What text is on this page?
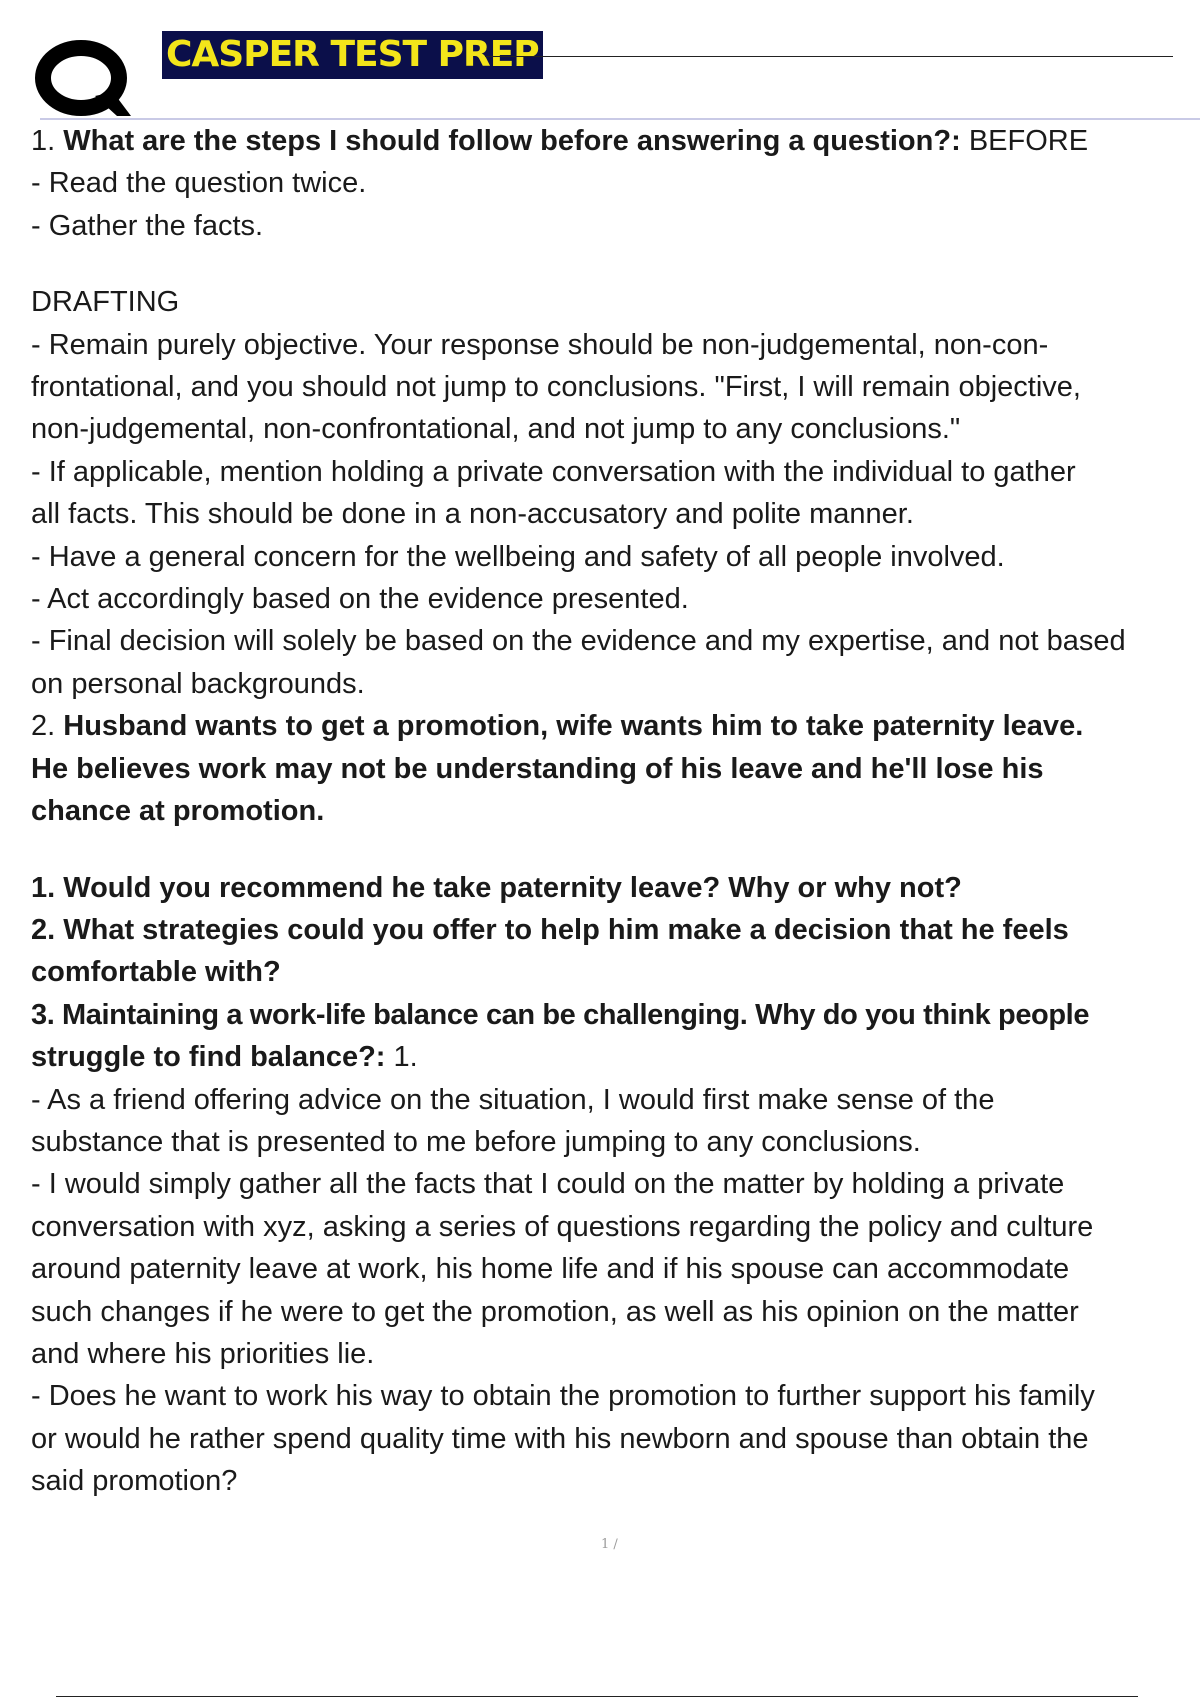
CASPER TEST PREP

1. What are the steps I should follow before answering a question?: BEFORE

- Read the question twice.

- Gather the facts.

DRAFTING

- Remain purely objective. Your response should be non-judgemental, non-con-

frontational, and you should not jump to conclusions. "First, I will remain objective,

non-judgemental, non-confrontational, and not jump to any conclusions."

- If applicable, mention holding a private conversation with the individual to gather

all facts. This should be done in a non-accusatory and polite manner.

- Have a general concern for the wellbeing and safety of all people involved.

- Act accordingly based on the evidence presented.

- Final decision will solely be based on the evidence and my expertise, and not based

on personal backgrounds.

2. Husband wants to get a promotion, wife wants him to take paternity leave.

He believes work may not be understanding of his leave and he'll lose his

chance at promotion.

1. Would you recommend he take paternity leave? Why or why not?

2. What strategies could you offer to help him make a decision that he feels

comfortable with?

3. Maintaining a work-life balance can be challenging. Why do you think people

struggle to find balance?: 1.

- As a friend offering advice on the situation, I would first make sense of the

substance that is presented to me before jumping to any conclusions.

- I would simply gather all the facts that I could on the matter by holding a private

conversation with xyz, asking a series of questions regarding the policy and culture

around paternity leave at work, his home life and if his spouse can accommodate

such changes if he were to get the promotion, as well as his opinion on the matter

and where his priorities lie.

- Does he want to work his way to obtain the promotion to further support his family

or would he rather spend quality time with his newborn and spouse than obtain the

said promotion?

1 /
